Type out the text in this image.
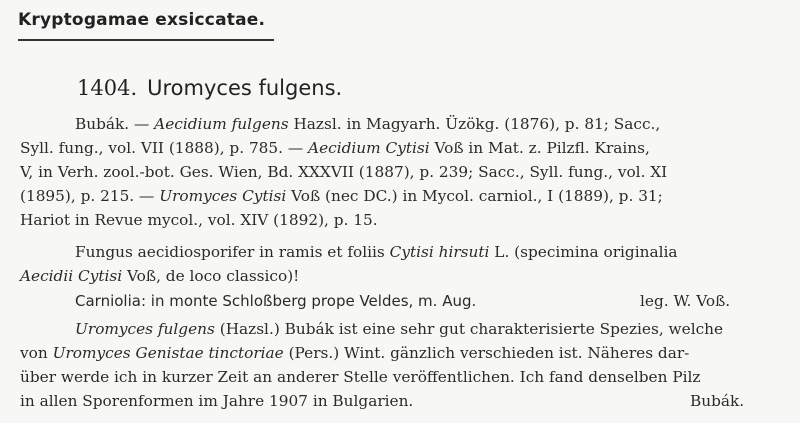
Kryptogamae exsiccatae.
1404. Uromyces fulgens.
Bubák. — Aecidium fulgens Hazsl. in Magyarh. Üzökg. (1876), p. 81; Sacc.,
Syll. fung., vol. VII (1888), p. 785. — Aecidium Cytisi Voß in Mat. z. Pilzfl. Krains,
V, in Verh. zool.-bot. Ges. Wien, Bd. XXXVII (1887), p. 239; Sacc., Syll. fung., vol. XI
(1895), p. 215. — Uromyces Cytisi Voß (nec DC.) in Mycol. carniol., I (1889), p. 31;
Hariot in Revue mycol., vol. XIV (1892), p. 15.
Fungus aecidiosporifer in ramis et foliis Cytisi hirsuti L. (specimina originalia
Aecidii Cytisi Voß, de loco classico)!
Carniolia: in monte Schloßberg prope Veldes, m. Aug.	leg. W. Voß.
Uromyces fulgens (Hazsl.) Bubák ist eine sehr gut charakterisierte Spezies, welche
von Uromyces Genistae tinctoriae (Pers.) Wint. gänzlich verschieden ist. Näheres dar-
über werde ich in kurzer Zeit an anderer Stelle veröffentlichen. Ich fand denselben Pilz
in allen Sporenformen im Jahre 1907 in Bulgarien.	Bubák.
